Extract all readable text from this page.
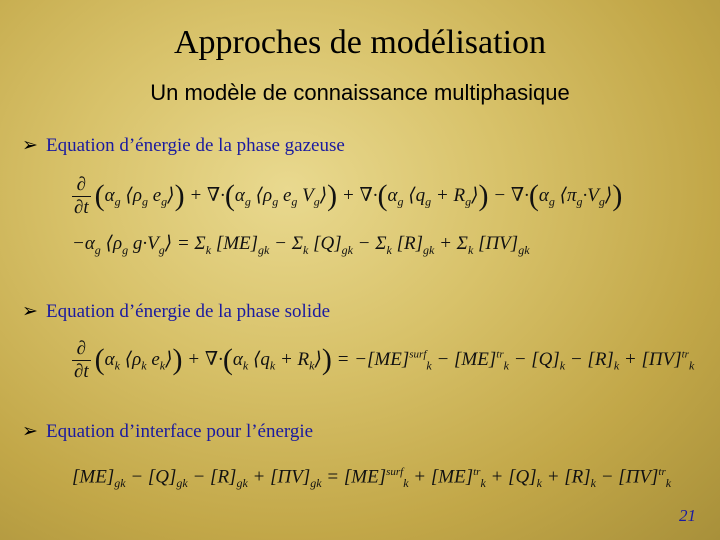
Approches de modélisation
Un modèle de connaissance multiphasique
➢ Equation d’énergie de la phase gazeuse
$\frac{\partial}{\partial t} (\alpha_g$ $⟨\rho_g$ $e_g⟩) + \nabla\cdot(\alpha_g$ $⟨\rho_g$ $e_g$ $V_g⟩) + \nabla\cdot(\alpha_g$ $⟨q_g$ + $R_g⟩) - \nabla\cdot(\alpha_g$ $⟨\pi_g\cdot V_g⟩$)
$-\alpha_g$ $⟨\rho_g$ $g\cdot V_g⟩ = \Sigma_k$ $[ME]_{gk} - \Sigma_k$ $[Q]_{gk} - \Sigma_k$ $[R]_{gk} + \Sigma_k$ $[\Pi V]_{gk}$
➢ Equation d’énergie de la phase solide
$\frac{\partial}{\partial t} (\alpha_k$ $⟨\rho_k$ $e_k⟩) + \nabla\cdot(\alpha_k$ $⟨q_k$ + $R_k⟩) = -[ME]^{surf}_k - [ME]^{tr}_k - [Q]_k - [R]_k + [\Pi V]^{tr}_k$
➢ Equation d’interface pour l’énergie
$[ME]_{gk} - [Q]_{gk} - [R]_{gk} + [\Pi V]_{gk} = [ME]^{surf}_k + [ME]^{tr}_k + [Q]_k + [R]_k - [\Pi V]^{tr}_k$
21
